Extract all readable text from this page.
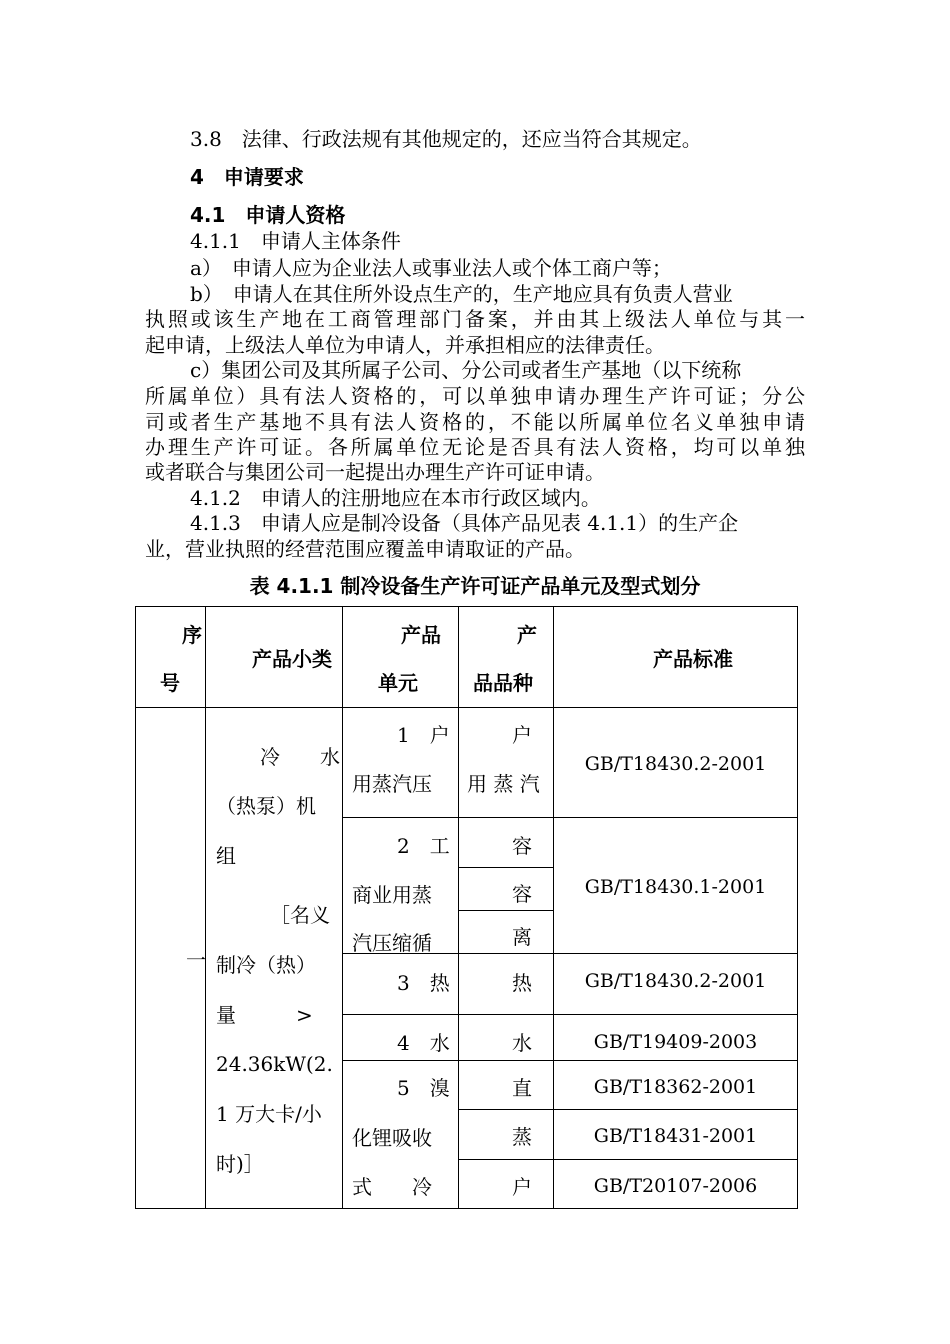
3.8　法律、行政法规有其他规定的，还应当符合其规定。
4　申请要求
4.1　申请人资格
4.1.1　申请人主体条件
a）　申请人应为企业法人或事业法人或个体工商户等；
b）　申请人在其住所外设点生产的，生产地应具有负责人营业
执照或该生产地在工商管理部门备案，并由其上级法人单位与其一
起申请，上级法人单位为申请人，并承担相应的法律责任。
c）集团公司及其所属子公司、分公司或者生产基地（以下统称
所属单位）具有法人资格的，可以单独申请办理生产许可证；分公
司或者生产基地不具有法人资格的，不能以所属单位名义单独申请
办理生产许可证。各所属单位无论是否具有法人资格，均可以单独
或者联合与集团公司一起提出办理生产许可证申请。
4.1.2　申请人的注册地应在本市行政区域内。
4.1.3　申请人应是制冷设备（具体产品见表 4.1.1）的生产企
业，营业执照的经营范围应覆盖申请取证的产品。
表 4.1.1 制冷设备生产许可证产品单元及型式划分
序
号
产品小类
产品
单元
产
品品种
产品标准
一
冷　　水
（热泵）机
组
［名义
制冷（热）
量　　　>
24.36kW(2.
1 万大卡/小
时)］
1　户
用蒸汽压
2　工
商业用蒸
汽压缩循
3　热
4　水
5　溴
化锂吸收
式　　冷
户
用 蒸 汽
容
容
离
热
水
直
蒸
户
GB/T18430.2-2001
GB/T18430.1-2001
GB/T18430.2-2001
GB/T19409-2003
GB/T18362-2001
GB/T18431-2001
GB/T20107-2006
